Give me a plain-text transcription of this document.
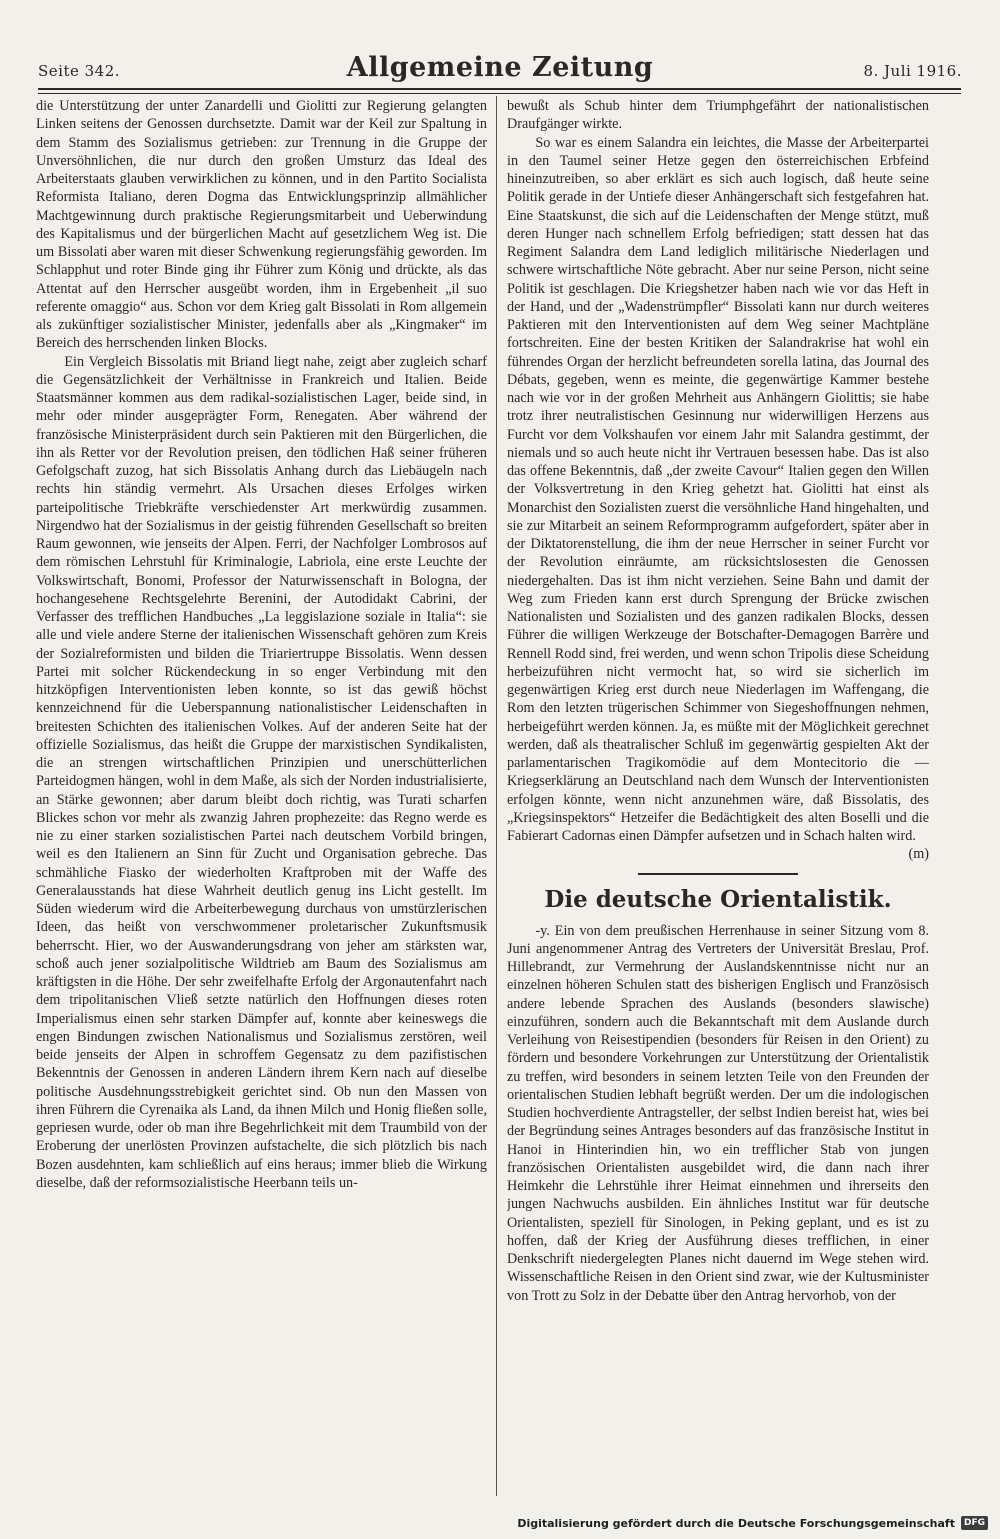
Seite 342.	Allgemeine Zeitung	8. Juli 1916.

die Unterstützung der unter Zanardelli und Giolitti zur Regierung gelangten Linken seitens der Genossen durchsetzte. Damit war der Keil zur Spaltung in dem Stamm des Sozialismus getrieben: zur Trennung in die Gruppe der Unversöhnlichen, die nur durch den großen Umsturz das Ideal des Arbeiterstaats glauben verwirklichen zu können, und in den Partito Socialista Reformista Italiano, deren Dogma das Entwicklungsprinzip allmählicher Machtgewinnung durch praktische Regierungsmitarbeit und Ueberwindung des Kapitalismus und der bürgerlichen Macht auf gesetzlichem Weg ist. Die um Bissolati aber waren mit dieser Schwenkung regierungsfähig geworden. Im Schlapphut und roter Binde ging ihr Führer zum König und drückte, als das Attentat auf den Herrscher ausgeübt worden, ihm in Ergebenheit „il suo referente omaggio“ aus. Schon vor dem Krieg galt Bissolati in Rom allgemein als zukünftiger sozialistischer Minister, jedenfalls aber als „Kingmaker“ im Bereich des herrschenden linken Blocks.

Ein Vergleich Bissolatis mit Briand liegt nahe, zeigt aber zugleich scharf die Gegensätzlichkeit der Verhältnisse in Frankreich und Italien. Beide Staatsmänner kommen aus dem radikal-sozialistischen Lager, beide sind, in mehr oder minder ausgeprägter Form, Renegaten. Aber während der französische Ministerpräsident durch sein Paktieren mit den Bürgerlichen, die ihn als Retter vor der Revolution preisen, den tödlichen Haß seiner früheren Gefolgschaft zuzog, hat sich Bissolatis Anhang durch das Liebäugeln nach rechts hin ständig vermehrt. Als Ursachen dieses Erfolges wirken parteipolitische Triebkräfte verschiedenster Art merkwürdig zusammen. Nirgendwo hat der Sozialismus in der geistig führenden Gesellschaft so breiten Raum gewonnen, wie jenseits der Alpen. Ferri, der Nachfolger Lombrosos auf dem römischen Lehrstuhl für Kriminalogie, Labriola, eine erste Leuchte der Volkswirtschaft, Bonomi, Professor der Naturwissenschaft in Bologna, der hochangesehene Rechtsgelehrte Berenini, der Autodidakt Cabrini, der Verfasser des trefflichen Handbuches „La leggislazione soziale in Italia“: sie alle und viele andere Sterne der italienischen Wissenschaft gehören zum Kreis der Sozialreformisten und bilden die Triariertruppe Bissolatis. Wenn dessen Partei mit solcher Rückendeckung in so enger Verbindung mit den hitzköpfigen Interventionisten leben konnte, so ist das gewiß höchst kennzeichnend für die Ueberspannung nationalistischer Leidenschaften in breitesten Schichten des italienischen Volkes. Auf der anderen Seite hat der offizielle Sozialismus, das heißt die Gruppe der marxistischen Syndikalisten, die an strengen wirtschaftlichen Prinzipien und unerschütterlichen Parteidogmen hängen, wohl in dem Maße, als sich der Norden industrialisierte, an Stärke gewonnen; aber darum bleibt doch richtig, was Turati scharfen Blickes schon vor mehr als zwanzig Jahren prophezeite: das Regno werde es nie zu einer starken sozialistischen Partei nach deutschem Vorbild bringen, weil es den Italienern an Sinn für Zucht und Organisation gebreche. Das schmähliche Fiasko der wiederholten Kraftproben mit der Waffe des Generalausstands hat diese Wahrheit deutlich genug ins Licht gestellt. Im Süden wiederum wird die Arbeiterbewegung durchaus von umstürzlerischen Ideen, das heißt von verschwommener proletarischer Zukunftsmusik beherrscht. Hier, wo der Auswanderungsdrang von jeher am stärksten war, schoß auch jener sozialpolitische Wildtrieb am Baum des Sozialismus am kräftigsten in die Höhe. Der sehr zweifelhafte Erfolg der Argonautenfahrt nach dem tripolitanischen Vließ setzte natürlich den Hoffnungen dieses roten Imperialismus einen sehr starken Dämpfer auf, konnte aber keineswegs die engen Bindungen zwischen Nationalismus und Sozialismus zerstören, weil beide jenseits der Alpen in schroffem Gegensatz zu dem pazifistischen Bekenntnis der Genossen in anderen Ländern ihrem Kern nach auf dieselbe politische Ausdehnungsstrebigkeit gerichtet sind. Ob nun den Massen von ihren Führern die Cyrenaika als Land, da ihnen Milch und Honig fließen solle, gepriesen wurde, oder ob man ihre Begehrlichkeit mit dem Traumbild von der Eroberung der unerlösten Provinzen aufstachelte, die sich plötzlich bis nach Bozen ausdehnten, kam schließlich auf eins heraus; immer blieb die Wirkung dieselbe, daß der reformsozialistische Heerbann teils un-

bewußt als Schub hinter dem Triumphgefährt der nationalistischen Draufgänger wirkte.

So war es einem Salandra ein leichtes, die Masse der Arbeiterpartei in den Taumel seiner Hetze gegen den österreichischen Erbfeind hineinzutreiben, so aber erklärt es sich auch logisch, daß heute seine Politik gerade in der Untiefe dieser Anhängerschaft sich festgefahren hat. Eine Staatskunst, die sich auf die Leidenschaften der Menge stützt, muß deren Hunger nach schnellem Erfolg befriedigen; statt dessen hat das Regiment Salandra dem Land lediglich militärische Niederlagen und schwere wirtschaftliche Nöte gebracht. Aber nur seine Person, nicht seine Politik ist geschlagen. Die Kriegshetzer haben nach wie vor das Heft in der Hand, und der „Wadenstrümpfler“ Bissolati kann nur durch weiteres Paktieren mit den Interventionisten auf dem Weg seiner Machtpläne fortschreiten. Eine der besten Kritiken der Salandrakrise hat wohl ein führendes Organ der herzlicht befreundeten sorella latina, das Journal des Débats, gegeben, wenn es meinte, die gegenwärtige Kammer bestehe nach wie vor in der großen Mehrheit aus Anhängern Giolittis; sie habe trotz ihrer neutralistischen Gesinnung nur widerwilligen Herzens aus Furcht vor dem Volkshaufen vor einem Jahr mit Salandra gestimmt, der niemals und so auch heute nicht ihr Vertrauen besessen habe. Das ist also das offene Bekenntnis, daß „der zweite Cavour“ Italien gegen den Willen der Volksvertretung in den Krieg gehetzt hat. Giolitti hat einst als Monarchist den Sozialisten zuerst die versöhnliche Hand hingehalten, und sie zur Mitarbeit an seinem Reformprogramm aufgefordert, später aber in der Diktatorenstellung, die ihm der neue Herrscher in seiner Furcht vor der Revolution einräumte, am rücksichtslosesten die Genossen niedergehalten. Das ist ihm nicht verziehen. Seine Bahn und damit der Weg zum Frieden kann erst durch Sprengung der Brücke zwischen Nationalisten und Sozialisten und des ganzen radikalen Blocks, dessen Führer die willigen Werkzeuge der Botschafter-Demagogen Barrère und Rennell Rodd sind, frei werden, und wenn schon Tripolis diese Scheidung herbeizuführen nicht vermocht hat, so wird sie sicherlich im gegenwärtigen Krieg erst durch neue Niederlagen im Waffengang, die Rom den letzten trügerischen Schimmer von Siegeshoffnungen nehmen, herbeigeführt werden können. Ja, es müßte mit der Möglichkeit gerechnet werden, daß als theatralischer Schluß im gegenwärtig gespielten Akt der parlamentarischen Tragikomödie auf dem Montecitorio die — Kriegserklärung an Deutschland nach dem Wunsch der Interventionisten erfolgen könnte, wenn nicht anzunehmen wäre, daß Bissolatis, des „Kriegsinspektors“ Hetzeifer die Bedächtigkeit des alten Boselli und die Fabierart Cadornas einen Dämpfer aufsetzen und in Schach halten wird.

(m)
Die deutsche Orientalistik.

-y. Ein von dem preußischen Herrenhause in seiner Sitzung vom 8. Juni angenommener Antrag des Vertreters der Universität Breslau, Prof. Hillebrandt, zur Vermehrung der Auslandskenntnisse nicht nur an einzelnen höheren Schulen statt des bisherigen Englisch und Französisch andere lebende Sprachen des Auslands (besonders slawische) einzuführen, sondern auch die Bekanntschaft mit dem Auslande durch Verleihung von Reisestipendien (besonders für Reisen in den Orient) zu fördern und besondere Vorkehrungen zur Unterstützung der Orientalistik zu treffen, wird besonders in seinem letzten Teile von den Freunden der orientalischen Studien lebhaft begrüßt werden. Der um die indologischen Studien hochverdiente Antragsteller, der selbst Indien bereist hat, wies bei der Begründung seines Antrages besonders auf das französische Institut in Hanoi in Hinterindien hin, wo ein trefflicher Stab von jungen französischen Orientalisten ausgebildet wird, die dann nach ihrer Heimkehr die Lehrstühle ihrer Heimat einnehmen und ihrerseits den jungen Nachwuchs ausbilden. Ein ähnliches Institut war für deutsche Orientalisten, speziell für Sinologen, in Peking geplant, und es ist zu hoffen, daß der Krieg der Ausführung dieses trefflichen, in einer Denkschrift niedergelegten Planes nicht dauernd im Wege stehen wird. Wissenschaftliche Reisen in den Orient sind zwar, wie der Kultusminister von Trott zu Solz in der Debatte über den Antrag hervorhob, von der

Digitalisierung gefördert durch die Deutsche Forschungsgemeinschaft	DFG
